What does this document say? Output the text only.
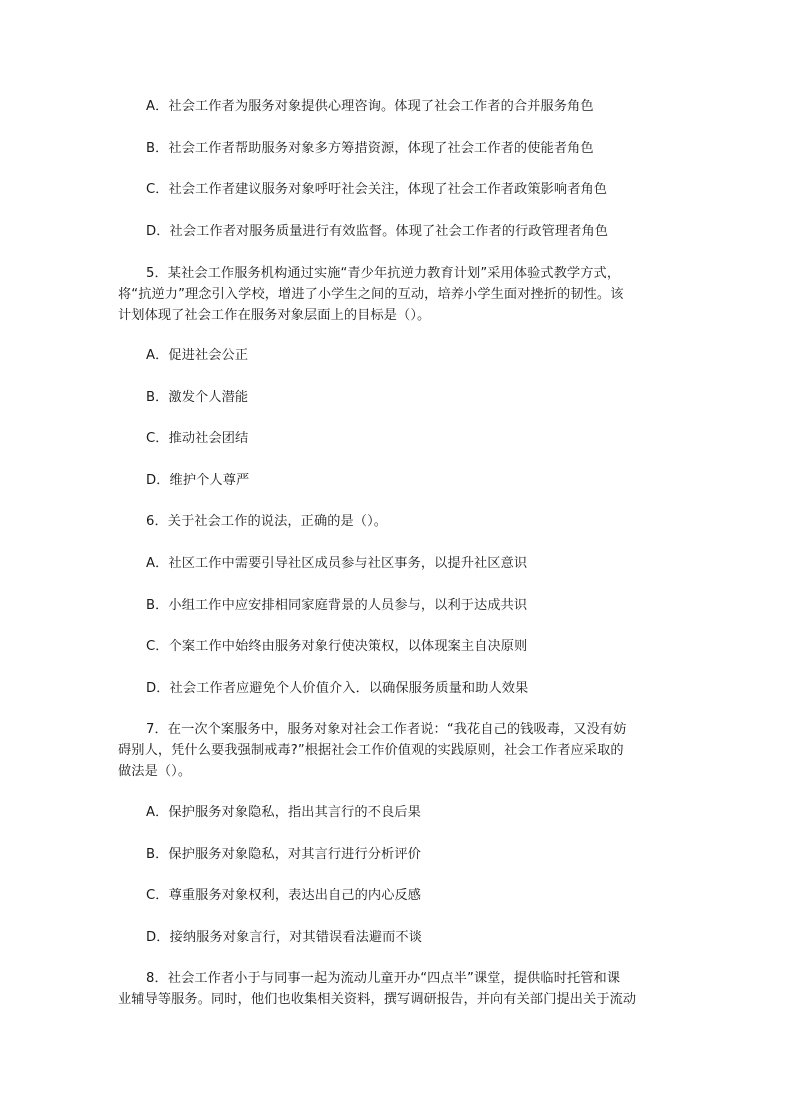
A．社会工作者为服务对象提供心理咨询。体现了社会工作者的合并服务角色
B．社会工作者帮助服务对象多方筹措资源，体现了社会工作者的使能者角色
C．社会工作者建议服务对象呼吁社会关注，体现了社会工作者政策影响者角色
D．社会工作者对服务质量进行有效监督。体现了社会工作者的行政管理者角色
5．某社会工作服务机构通过实施“青少年抗逆力教育计划”采用体验式教学方式，
将“抗逆力”理念引入学校，增进了小学生之间的互动，培养小学生面对挫折的韧性。该
计划体现了社会工作在服务对象层面上的目标是（）。
A．促进社会公正
B．激发个人潜能
C．推动社会团结
D．维护个人尊严
6．关于社会工作的说法，正确的是（）。
A．社区工作中需要引导社区成员参与社区事务，以提升社区意识
B．小组工作中应安排相同家庭背景的人员参与，以利于达成共识
C．个案工作中始终由服务对象行使决策权，以体现案主自决原则
D．社会工作者应避免个人价值介入．以确保服务质量和助人效果
7．在一次个案服务中，服务对象对社会工作者说：“我花自己的钱吸毒，又没有妨
碍别人，凭什么要我强制戒毒?”根据社会工作价值观的实践原则，社会工作者应采取的
做法是（）。
A．保护服务对象隐私，指出其言行的不良后果
B．保护服务对象隐私，对其言行进行分析评价
C．尊重服务对象权利，表达出自己的内心反感
D．接纳服务对象言行，对其错误看法避而不谈
8．社会工作者小于与同事一起为流动儿童开办“四点半”课堂，提供临时托管和课
业辅导等服务。同时，他们也收集相关资料，撰写调研报告，并向有关部门提出关于流动
